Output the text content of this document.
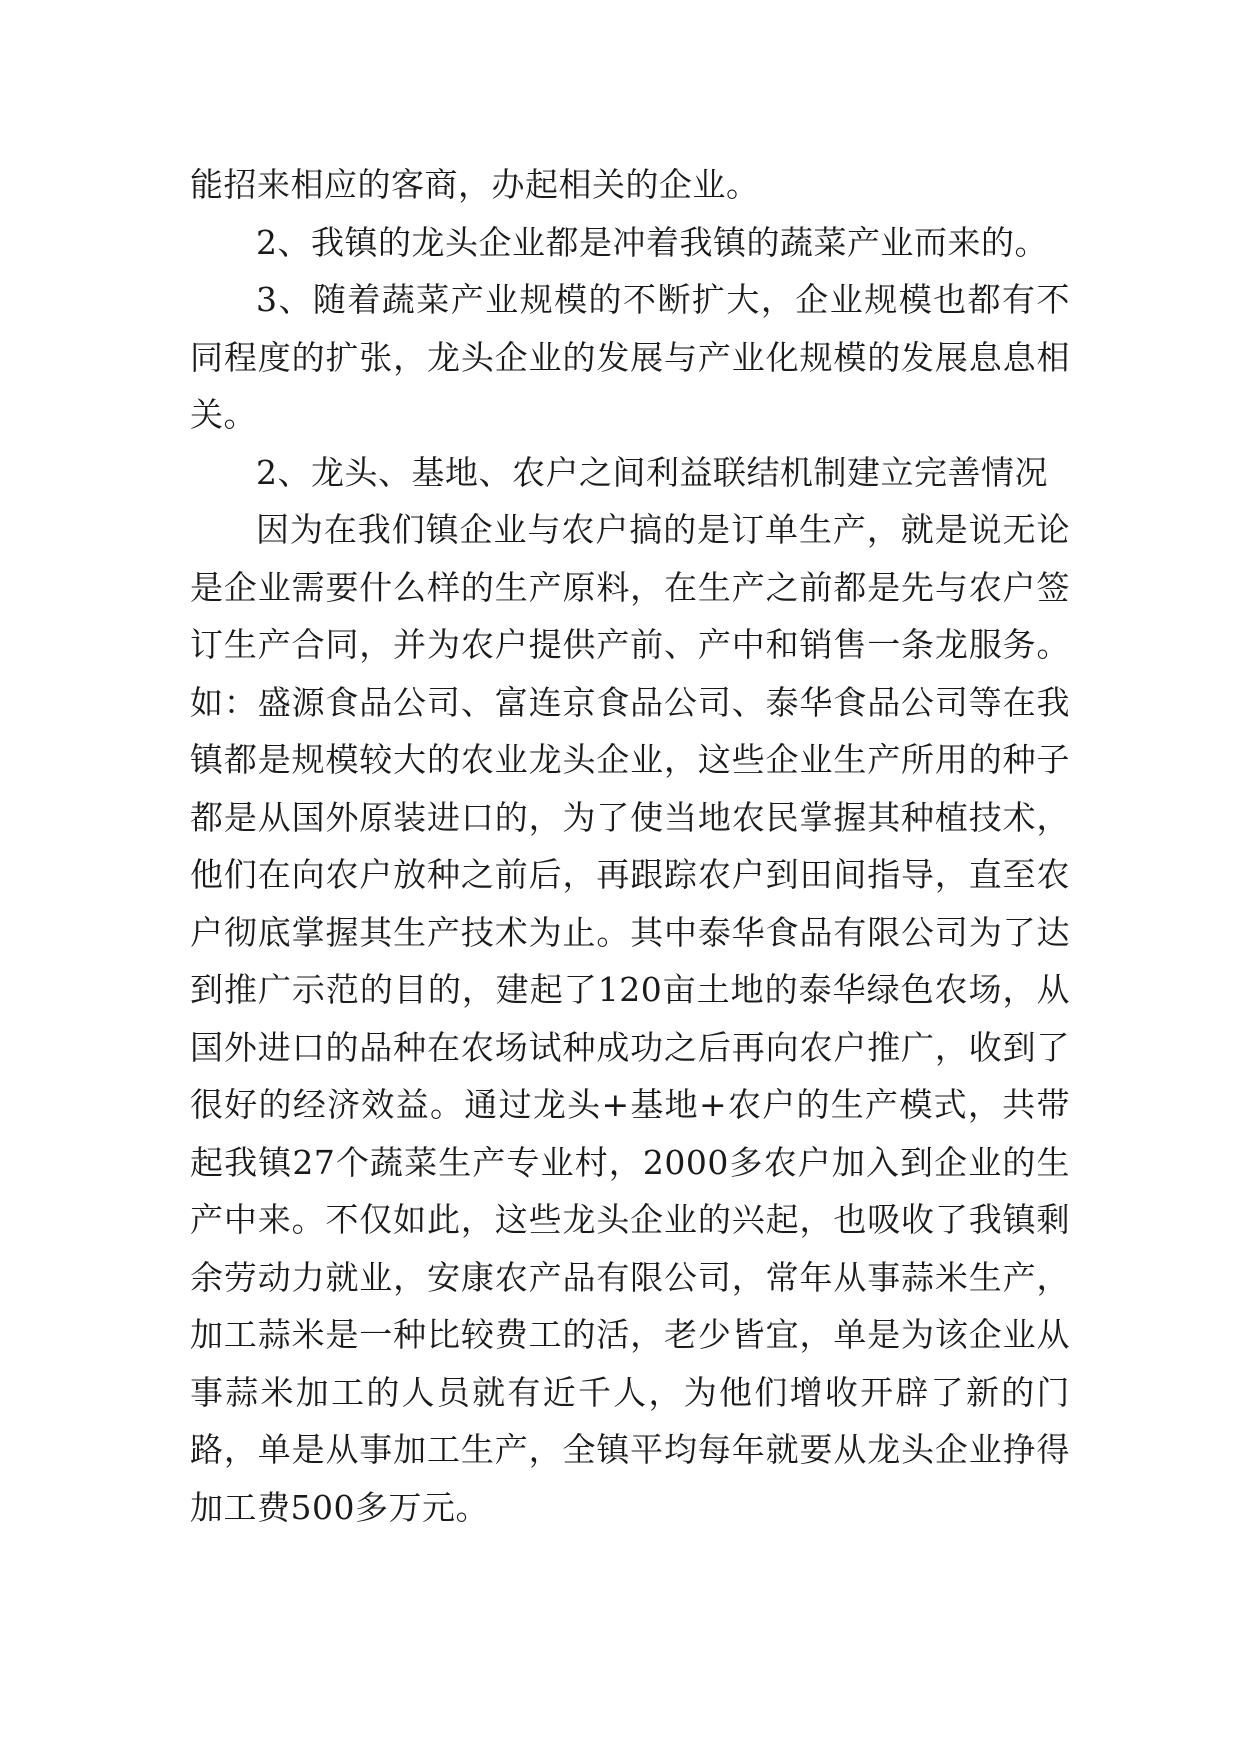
能招来相应的客商，办起相关的企业。

2、我镇的龙头企业都是冲着我镇的蔬菜产业而来的。

3、随着蔬菜产业规模的不断扩大，企业规模也都有不同程度的扩张，龙头企业的发展与产业化规模的发展息息相关。

2、龙头、基地、农户之间利益联结机制建立完善情况

因为在我们镇企业与农户搞的是订单生产，就是说无论是企业需要什么样的生产原料，在生产之前都是先与农户签订生产合同，并为农户提供产前、产中和销售一条龙服务。如：盛源食品公司、富连京食品公司、泰华食品公司等在我镇都是规模较大的农业龙头企业，这些企业生产所用的种子都是从国外原装进口的，为了使当地农民掌握其种植技术，他们在向农户放种之前后，再跟踪农户到田间指导，直至农户彻底掌握其生产技术为止。其中泰华食品有限公司为了达到推广示范的目的，建起了120亩土地的泰华绿色农场，从国外进口的品种在农场试种成功之后再向农户推广，收到了很好的经济效益。通过龙头+基地+农户的生产模式，共带起我镇27个蔬菜生产专业村，2000多农户加入到企业的生产中来。不仅如此，这些龙头企业的兴起，也吸收了我镇剩余劳动力就业，安康农产品有限公司，常年从事蒜米生产，加工蒜米是一种比较费工的活，老少皆宜，单是为该企业从事蒜米加工的人员就有近千人，为他们增收开辟了新的门路，单是从事加工生产，全镇平均每年就要从龙头企业挣得加工费500多万元。
